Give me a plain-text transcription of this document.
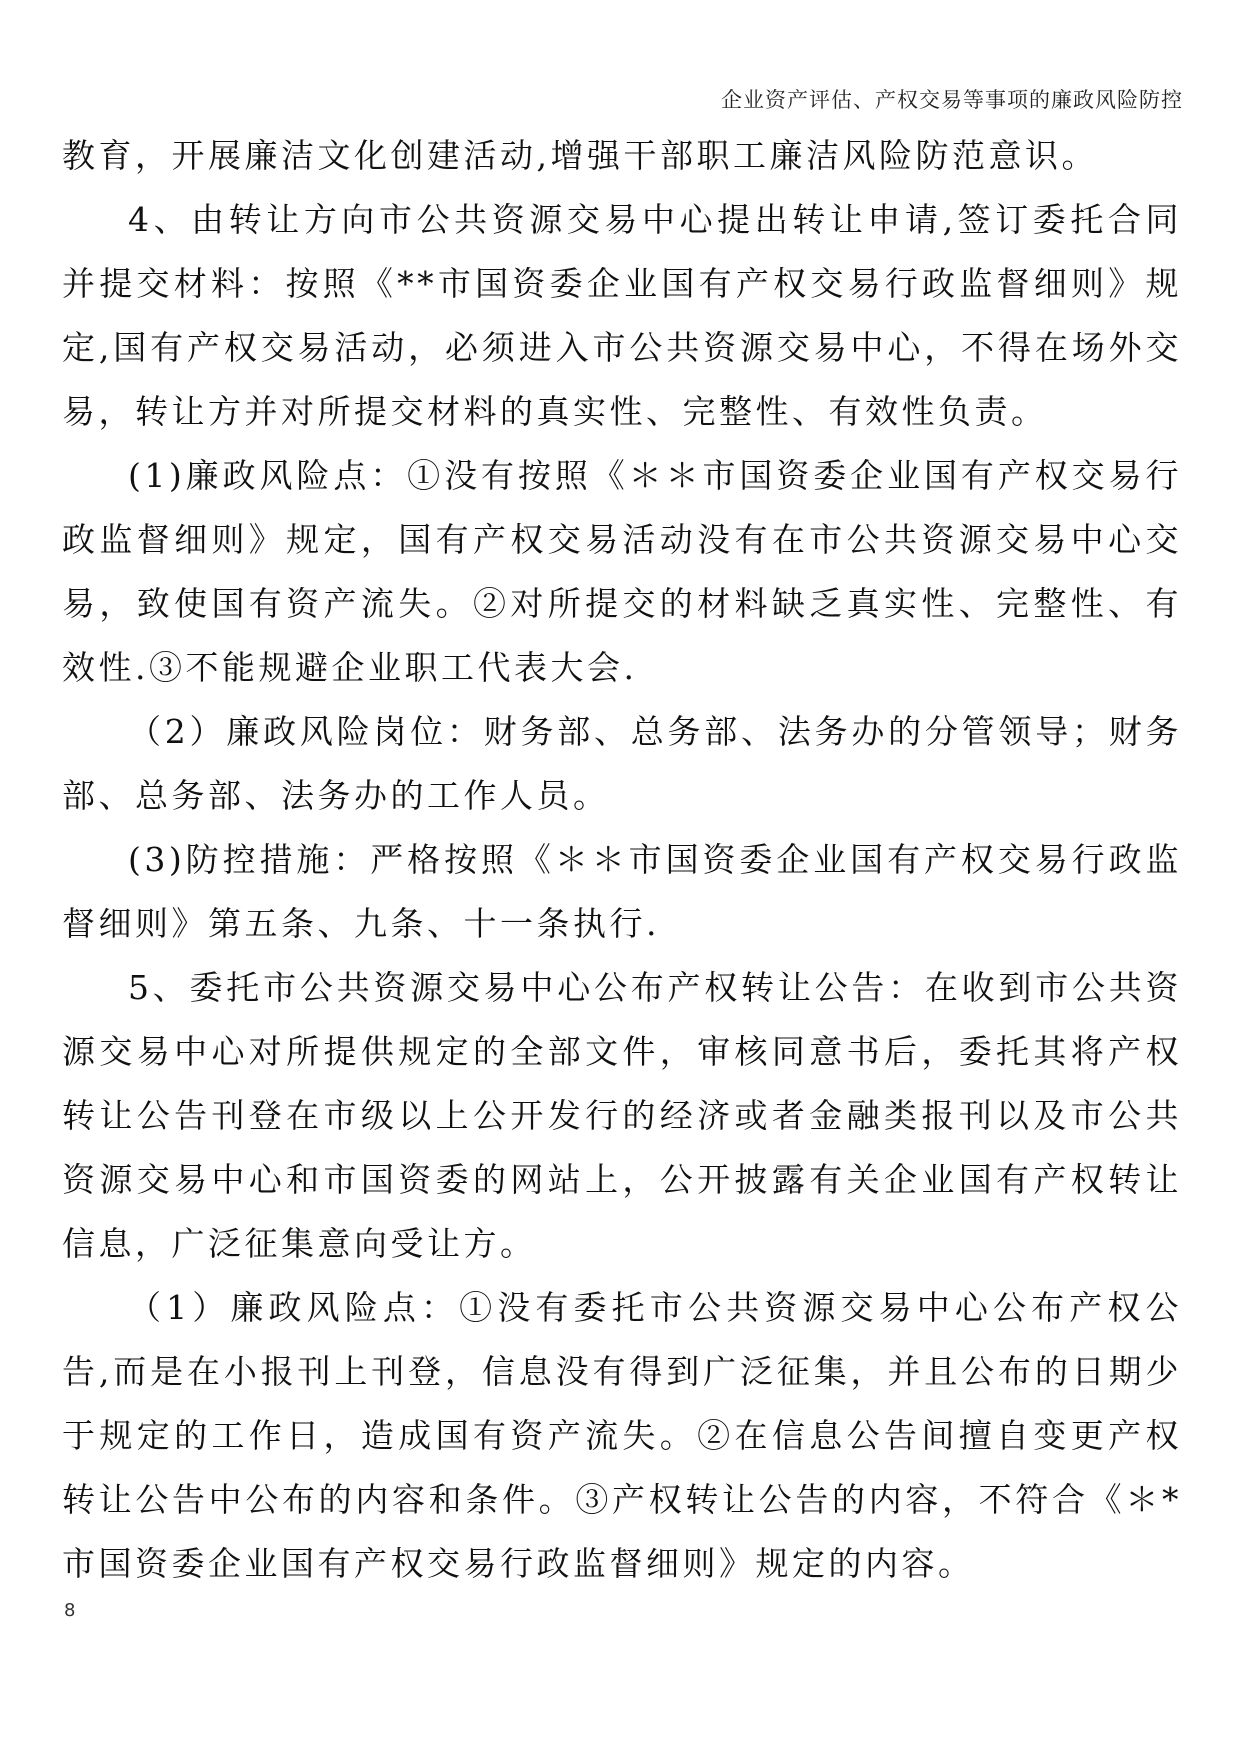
企业资产评估、产权交易等事项的廉政风险防控

教育，开展廉洁文化创建活动,增强干部职工廉洁风险防范意识。

4、由转让方向市公共资源交易中心提出转让申请,签订委托合同并提交材料：按照《**市国资委企业国有产权交易行政监督细则》规定,国有产权交易活动，必须进入市公共资源交易中心，不得在场外交易，转让方并对所提交材料的真实性、完整性、有效性负责。

(1)廉政风险点：①没有按照《＊＊市国资委企业国有产权交易行政监督细则》规定，国有产权交易活动没有在市公共资源交易中心交易，致使国有资产流失。②对所提交的材料缺乏真实性、完整性、有效性.③不能规避企业职工代表大会.

（2）廉政风险岗位：财务部、总务部、法务办的分管领导；财务部、总务部、法务办的工作人员。

(3)防控措施：严格按照《＊＊市国资委企业国有产权交易行政监督细则》第五条、九条、十一条执行.

5、委托市公共资源交易中心公布产权转让公告：在收到市公共资源交易中心对所提供规定的全部文件，审核同意书后，委托其将产权转让公告刊登在市级以上公开发行的经济或者金融类报刊以及市公共资源交易中心和市国资委的网站上，公开披露有关企业国有产权转让信息，广泛征集意向受让方。

（1）廉政风险点：①没有委托市公共资源交易中心公布产权公告,而是在小报刊上刊登，信息没有得到广泛征集，并且公布的日期少于规定的工作日，造成国有资产流失。②在信息公告间擅自变更产权转让公告中公布的内容和条件。③产权转让公告的内容，不符合《＊*市国资委企业国有产权交易行政监督细则》规定的内容。

8
